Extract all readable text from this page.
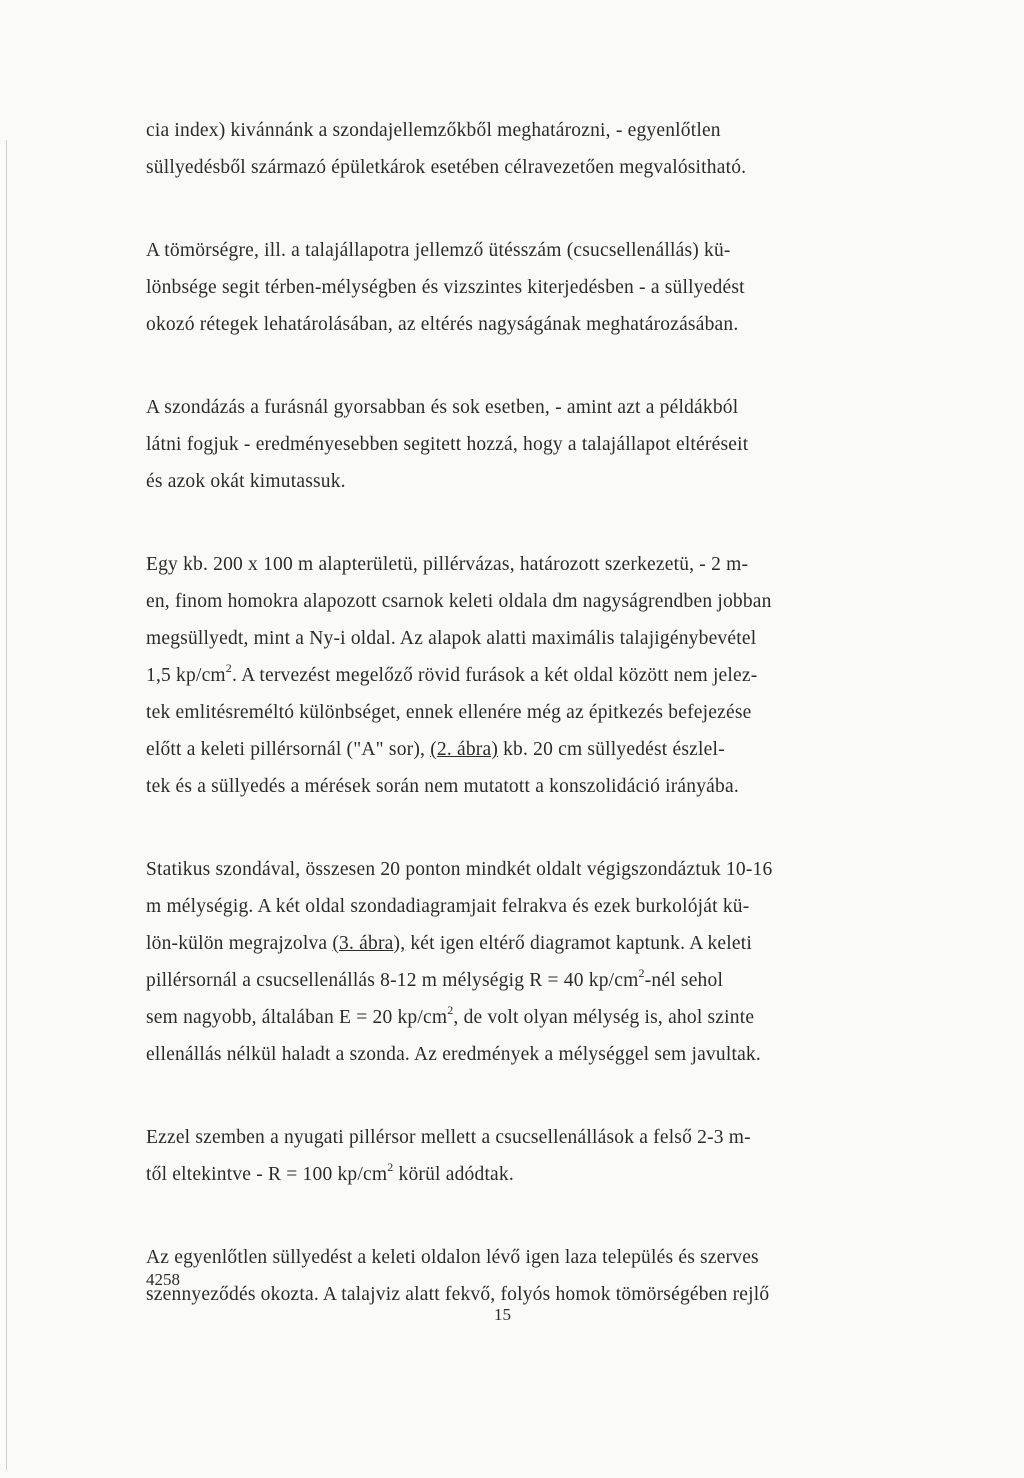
cia index) kivánnánk a szondajellemzőkből meghatározni, - egyenlőtlen
süllyedésből származó épületkárok esetében célravezetően megvalósitható.
A tömörségre, ill. a talajállapotra jellemző ütésszám (csucsellenállás) kü-
lönbsége segit térben-mélységben és vizszintes kiterjedésben - a süllyedést
okozó rétegek lehatárolásában, az eltérés nagyságának meghatározásában.
A szondázás a furásnál gyorsabban és sok esetben, - amint azt a példákból
látni fogjuk - eredményesebben segitett hozzá, hogy a talajállapot eltéréseit
és azok okát kimutassuk.
Egy kb. 200 x 100 m alapterületü, pillérvázas, határozott szerkezetü, - 2 m-
en, finom homokra alapozott csarnok keleti oldala dm nagyságrendben jobban
megsüllyedt, mint a Ny-i oldal. Az alapok alatti maximális talajigénybevétel
1,5 $kp/cm^2$. A tervezést megelőző rövid furások a két oldal között nem jelez-
tek emlitésreméltó különbséget, ennek ellenére még az épitkezés befejezése
előtt a keleti pillérsornál ("A" sor), (2. ábra) kb. 20 cm süllyedést észlel-
tek és a süllyedés a mérések során nem mutatott a konszolidáció irányába.
Statikus szondával, összesen 20 ponton mindkét oldalt végigszondáztuk 10-16
m mélységig. A két oldal szondadiagramjait felrakva és ezek burkolóját kü-
lön-külön megrajzolva (3. ábra), két igen eltérő diagramot kaptunk. A keleti
pillérsornál a csucsellenállás 8-12 m mélységig R = 40 $kp/cm^2$-nél sehol
sem nagyobb, általában E = 20 $kp/cm^2$, de volt olyan mélység is, ahol szinte
ellenállás nélkül haladt a szonda. Az eredmények a mélységgel sem javultak.
Ezzel szemben a nyugati pillérsor mellett a csucsellenállások a felső 2-3 m-
től eltekintve - R = 100 $kp/cm^2$ körül adódtak.
Az egyenlőtlen süllyedést a keleti oldalon lévő igen laza település és szerves
szennyeződés okozta. A talajviz alatt fekvő, folyós homok tömörségében rejlő
4258
15
